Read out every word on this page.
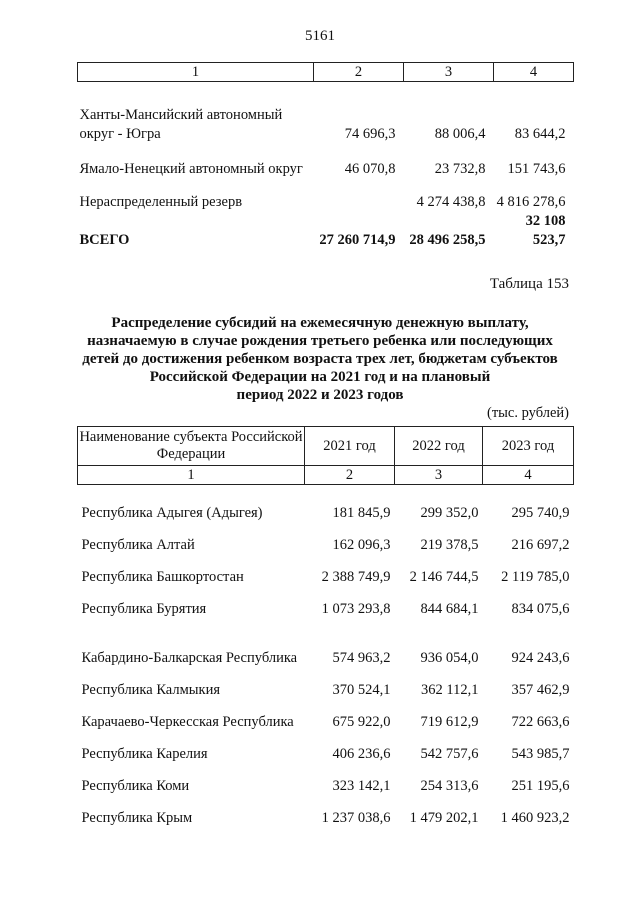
5161
1	2	3	4
Ханты-Мансийский автономный округ - Югра	74 696,3	88 006,4	83 644,2
Ямало-Ненецкий автономный округ	46 070,8	23 732,8	151 743,6
Нераспределенный резерв		4 274 438,8	4 816 278,6
ВСЕГО	27 260 714,9	28 496 258,5	32 108 523,7
Таблица 153
Распределение субсидий на ежемесячную денежную выплату,
назначаемую в случае рождения третьего ребенка или последующих
детей до достижения ребенком возраста трех лет, бюджетам субъектов
Российской Федерации на 2021 год и на плановый
период 2022 и 2023 годов
(тыс. рублей)
Наименование субъекта Российской Федерации	2021 год	2022 год	2023 год
1	2	3	4
Республика Адыгея (Адыгея)	181 845,9	299 352,0	295 740,9
Республика Алтай	162 096,3	219 378,5	216 697,2
Республика Башкортостан	2 388 749,9	2 146 744,5	2 119 785,0
Республика Бурятия	1 073 293,8	844 684,1	834 075,6
Кабардино-Балкарская Республика	574 963,2	936 054,0	924 243,6
Республика Калмыкия	370 524,1	362 112,1	357 462,9
Карачаево-Черкесская Республика	675 922,0	719 612,9	722 663,6
Республика Карелия	406 236,6	542 757,6	543 985,7
Республика Коми	323 142,1	254 313,6	251 195,6
Республика Крым	1 237 038,6	1 479 202,1	1 460 923,2
